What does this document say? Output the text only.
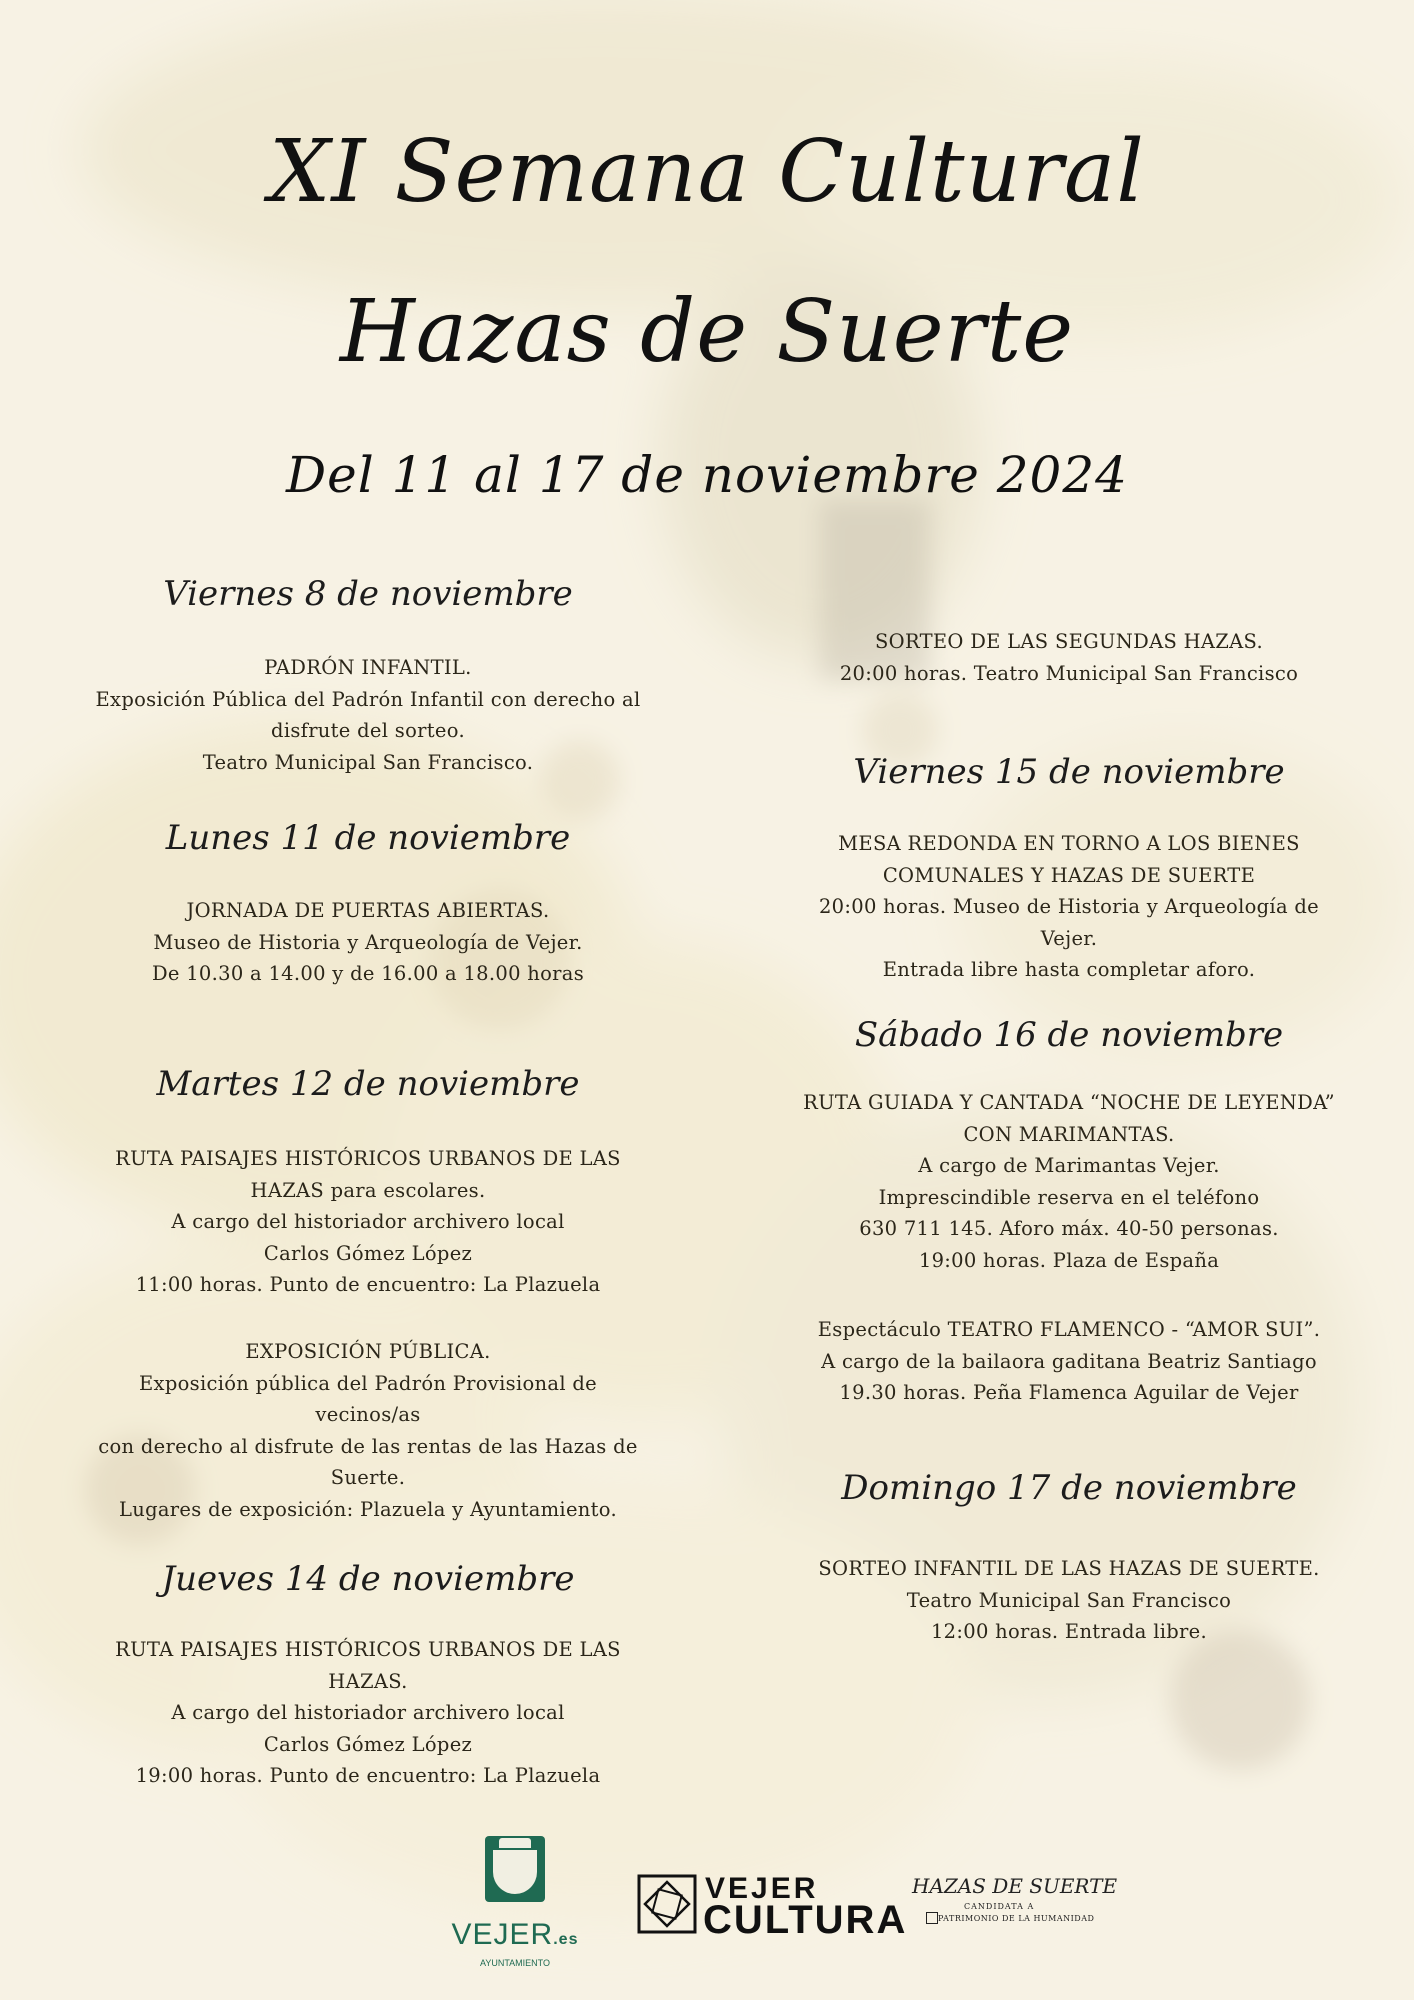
XI Semana Cultural
Hazas de Suerte
Del 11 al 17 de noviembre 2024
Viernes 8 de noviembre

PADRÓN INFANTIL.

Exposición Pública del Padrón Infantil con derecho al

disfrute del sorteo.

Teatro Municipal San Francisco.

Lunes 11 de noviembre

JORNADA DE PUERTAS ABIERTAS.

Museo de Historia y Arqueología de Vejer.

De 10.30 a 14.00 y de 16.00 a 18.00 horas

Martes 12 de noviembre

RUTA PAISAJES HISTÓRICOS URBANOS DE LAS

HAZAS para escolares.

A cargo del historiador archivero local

Carlos Gómez López

11:00 horas. Punto de encuentro: La Plazuela

EXPOSICIÓN PÚBLICA.

Exposición pública del Padrón Provisional de vecinos/as

con derecho al disfrute de las rentas de las Hazas de

Suerte.

Lugares de exposición: Plazuela y Ayuntamiento.

Jueves 14 de noviembre

RUTA PAISAJES HISTÓRICOS URBANOS DE LAS

HAZAS.

A cargo del historiador archivero local

Carlos Gómez López

19:00 horas. Punto de encuentro: La Plazuela

SORTEO DE LAS SEGUNDAS HAZAS.

20:00 horas. Teatro Municipal San Francisco

Viernes 15 de noviembre

MESA REDONDA EN TORNO A LOS BIENES

COMUNALES Y HAZAS DE SUERTE

20:00 horas. Museo de Historia y Arqueología de

Vejer.

Entrada libre hasta completar aforo.

Sábado 16 de noviembre

RUTA GUIADA Y CANTADA “NOCHE DE LEYENDA”

CON MARIMANTAS.

A cargo de Marimantas Vejer.

Imprescindible reserva en el teléfono

630 711 145. Aforo máx. 40-50 personas.

19:00 horas. Plaza de España

Espectáculo TEATRO FLAMENCO - “AMOR SUI”.

A cargo de la bailaora gaditana Beatriz Santiago

19.30 horas. Peña Flamenca Aguilar de Vejer

Domingo 17 de noviembre

SORTEO INFANTIL DE LAS HAZAS DE SUERTE.

Teatro Municipal San Francisco

12:00 horas. Entrada libre.

VEJER.es
AYUNTAMIENTO
VEJER
CULTURA
HAZAS DE SUERTE
CANDIDATA A
PATRIMONIO DE LA HUMANIDAD
